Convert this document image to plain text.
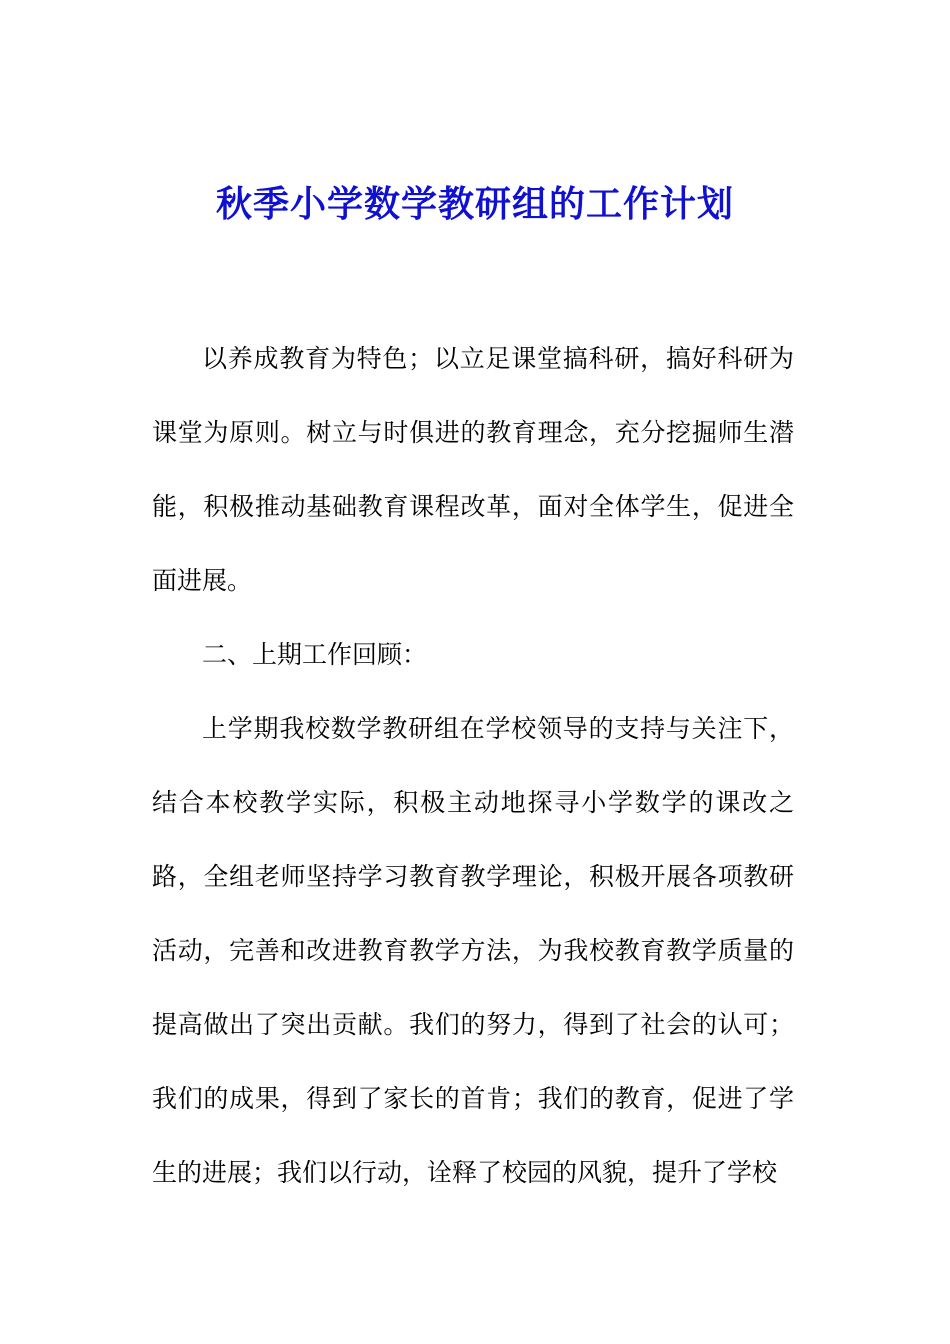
秋季小学数学教研组的工作计划

以养成教育为特色；以立足课堂搞科研，搞好科研为课堂为原则。树立与时俱进的教育理念，充分挖掘师生潜能，积极推动基础教育课程改革，面对全体学生，促进全面进展。

二、上期工作回顾：

上学期我校数学教研组在学校领导的支持与关注下，结合本校教学实际，积极主动地探寻小学数学的课改之路，全组老师坚持学习教育教学理论，积极开展各项教研活动，完善和改进教育教学方法，为我校教育教学质量的提高做出了突出贡献。我们的努力，得到了社会的认可；我们的成果，得到了家长的首肯；我们的教育，促进了学生的进展；我们以行动，诠释了校园的风貌，提升了学校
